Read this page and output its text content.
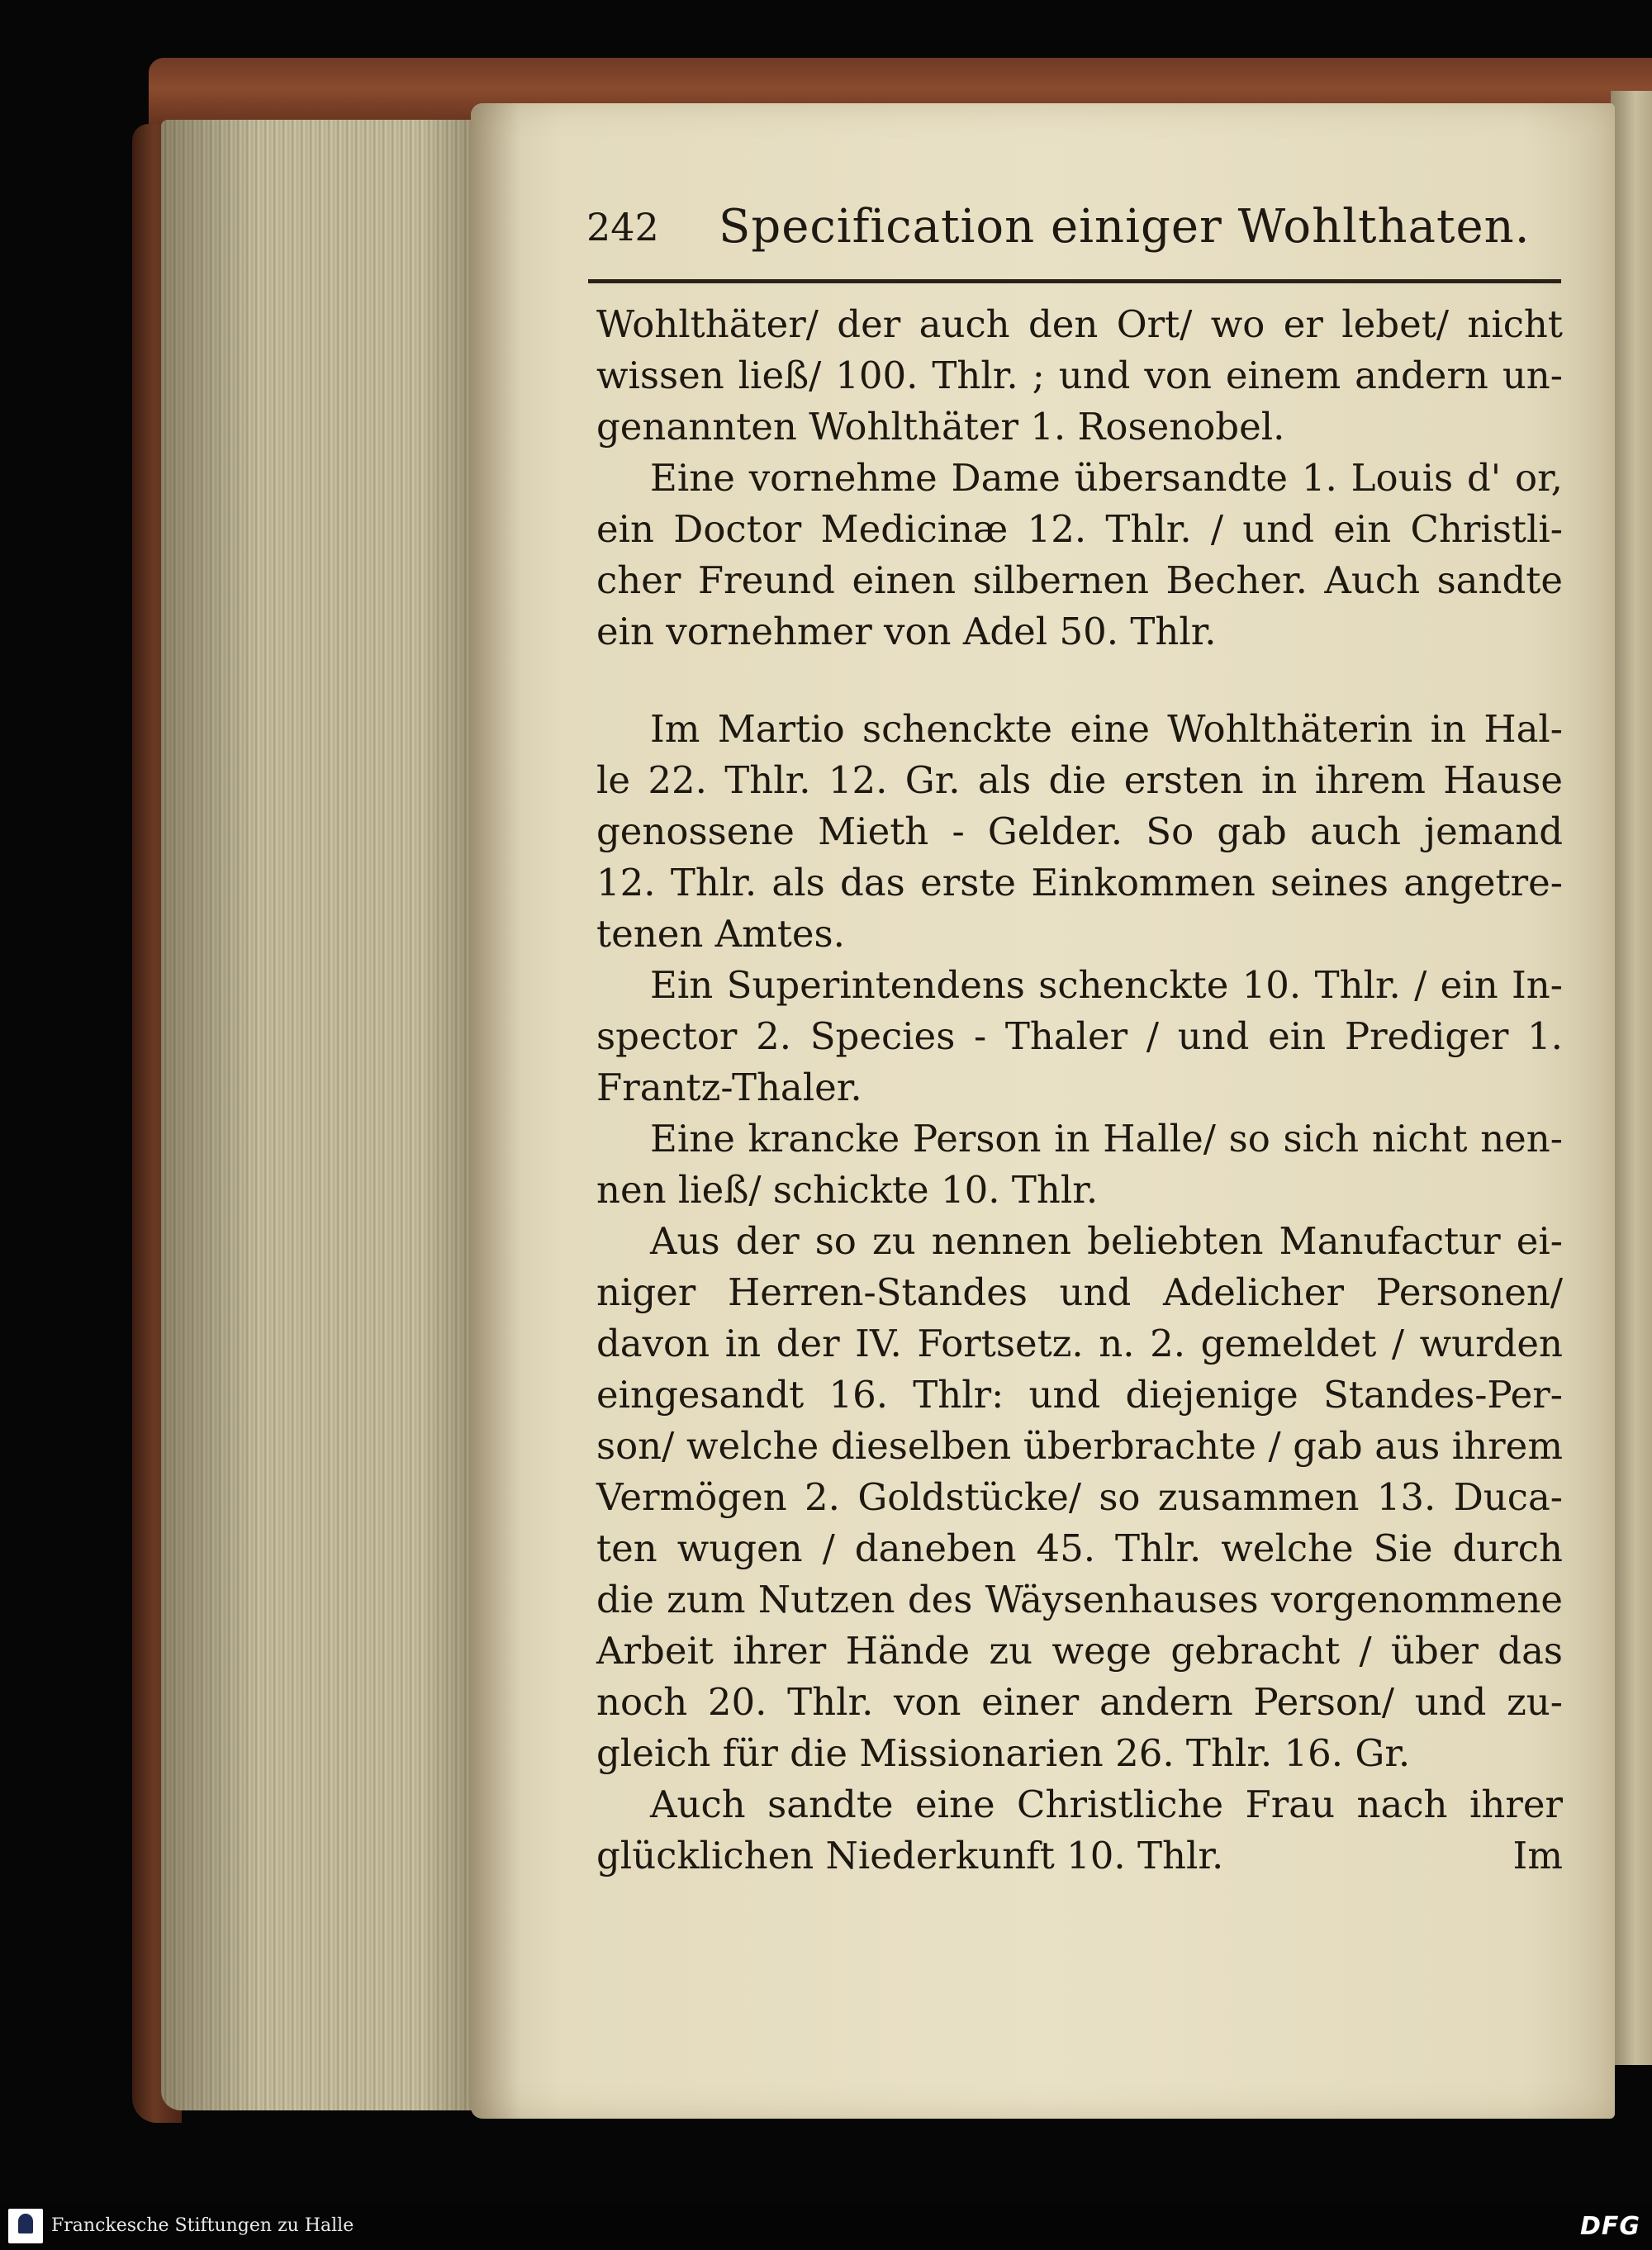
242 Specification einiger Wohlthaten.
Wohlthäter/ der auch den Ort/ wo er lebet/ nicht
wissen ließ/ 100. Thlr. ; und von einem andern un-
genannten Wohlthäter 1. Rosenobel.
Eine vornehme Dame übersandte 1. Louis d' or,
ein Doctor Medicinæ 12. Thlr. / und ein Christli-
cher Freund einen silbernen Becher. Auch sandte
ein vornehmer von Adel 50. Thlr.
Im Martio schenckte eine Wohlthäterin in Hal-
le 22. Thlr. 12. Gr. als die ersten in ihrem Hause
genossene Mieth - Gelder. So gab auch jemand
12. Thlr. als das erste Einkommen seines angetre-
tenen Amtes.
Ein Superintendens schenckte 10. Thlr. / ein In-
spector 2. Species - Thaler / und ein Prediger 1.
Frantz-Thaler.
Eine krancke Person in Halle/ so sich nicht nen-
nen ließ/ schickte 10. Thlr.
Aus der so zu nennen beliebten Manufactur ei-
niger Herren-Standes und Adelicher Personen/
davon in der IV. Fortsetz. n. 2. gemeldet / wurden
eingesandt 16. Thlr: und diejenige Standes-Per-
son/ welche dieselben überbrachte / gab aus ihrem
Vermögen 2. Goldstücke/ so zusammen 13. Duca-
ten wugen / daneben 45. Thlr. welche Sie durch
die zum Nutzen des Wäysenhauses vorgenommene
Arbeit ihrer Hände zu wege gebracht / über das
noch 20. Thlr. von einer andern Person/ und zu-
gleich für die Missionarien 26. Thlr. 16. Gr.
Auch sandte eine Christliche Frau nach ihrer
glücklichen Niederkunft 10. Thlr.	Im
Franckesche Stiftungen zu Halle	DFG
